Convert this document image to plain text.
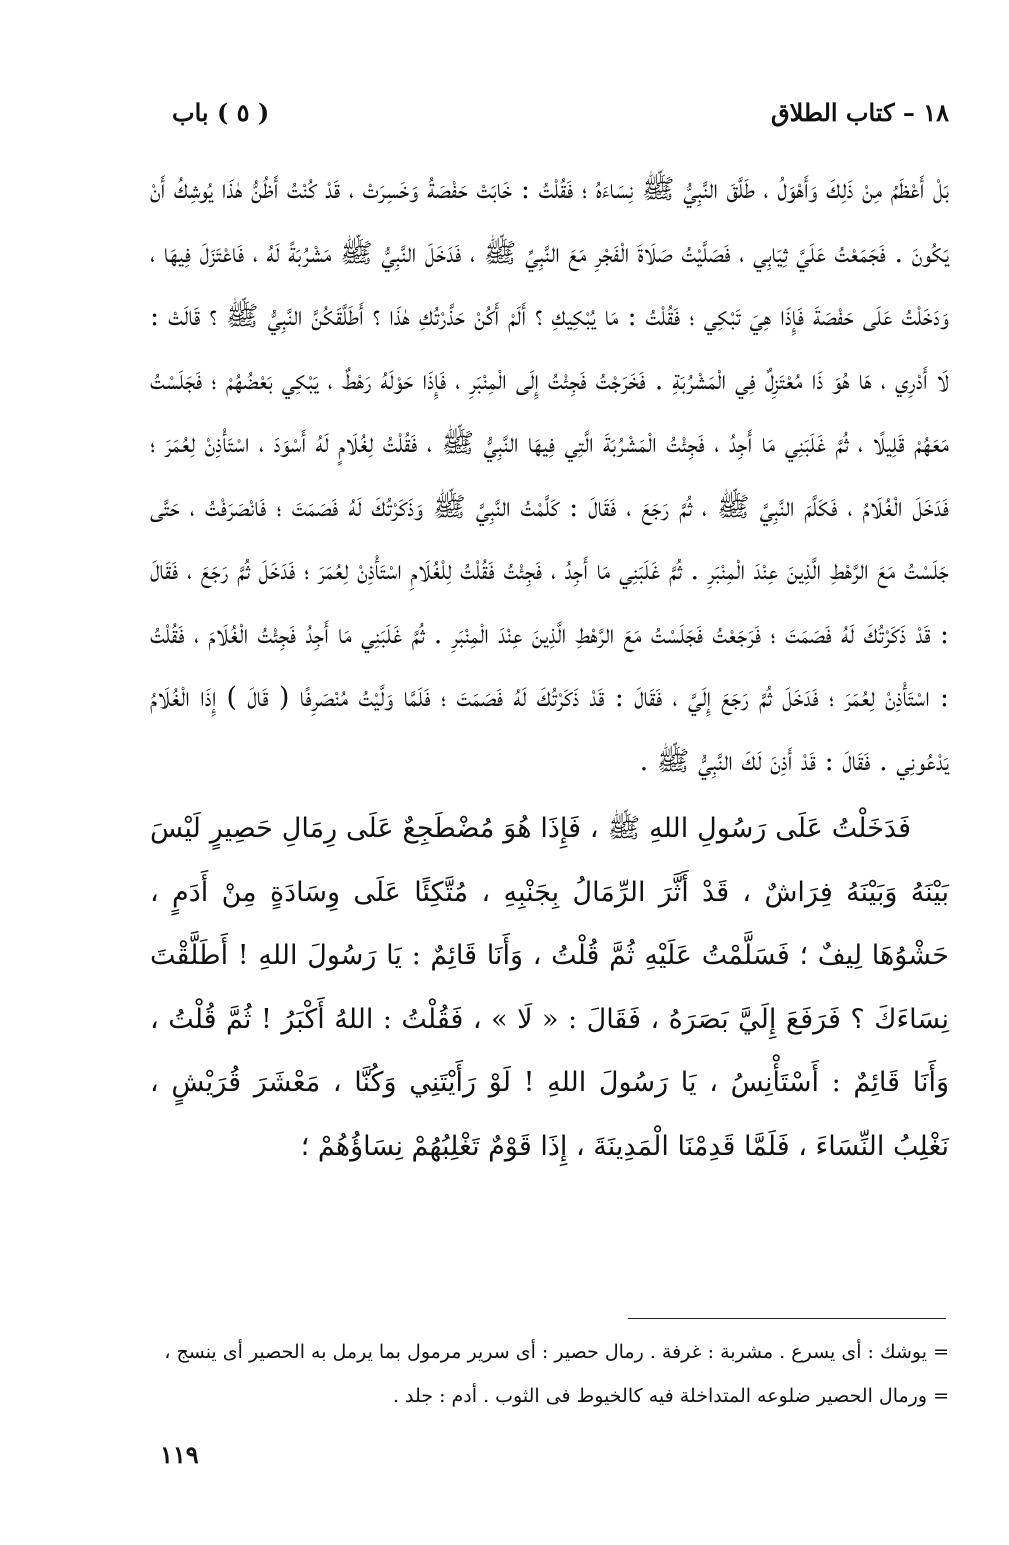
١٨ – كتاب الطلاق
( ٥ ) باب

بَلْ أَعْظَمُ مِنْ ذَلِكَ وَأَهْوَلُ ، طَلَّقَ النَّبِيُّ ﷺ نِسَاءَهُ ؛ فَقُلْتُ : خَابَتْ حَفْصَةُ وَخَسِرَتْ ، قَدْ كُنْتُ أَظُنُّ هٰذَا يُوشِكُ أَنْ يَكُونَ . فَجَمَعْتُ عَلَيَّ ثِيَابِي ، فَصَلَّيْتُ صَلَاةَ الْفَجْرِ مَعَ النَّبِيِّ ﷺ ، فَدَخَلَ النَّبِيُّ ﷺ مَشْرُبَةً لَهُ ، فَاعْتَزَلَ فِيهَا ، وَدَخَلْتُ عَلَى حَفْصَةَ فَإِذَا هِيَ تَبْكِي ؛ فَقُلْتُ : مَا يُبْكِيكِ ؟ أَلَمْ أَكُنْ حَذَّرْتُكِ هٰذَا ؟ أَطَلَّقَكُنَّ النَّبِيُّ ﷺ ؟ قَالَتْ : لَا أَدْرِي ، هَا هُوَ ذَا مُعْتَزِلٌ فِي الْمَشْرُبَةِ . فَخَرَجْتُ فَجِئْتُ إِلَى الْمِنْبَرِ ، فَإِذَا حَوْلَهُ رَهْطٌ ، يَبْكِي بَعْضُهُمْ ؛ فَجَلَسْتُ مَعَهُمْ قَلِيلًا ، ثُمَّ غَلَبَنِي مَا أَجِدُ ، فَجِئْتُ الْمَشْرُبَةَ الَّتِي فِيهَا النَّبِيُّ ﷺ ، فَقُلْتُ لِغُلَامٍ لَهُ أَسْوَدَ ، اسْتَأْذِنْ لِعُمَرَ ؛ فَدَخَلَ الْغُلَامُ ، فَكَلَّمَ النَّبِيَّ ﷺ ، ثُمَّ رَجَعَ ، فَقَالَ : كَلَّمْتُ النَّبِيَّ ﷺ وَذَكَرْتُكَ لَهُ فَصَمَتَ ؛ فَانْصَرَفْتُ ، حَتَّى جَلَسْتُ مَعَ الرَّهْطِ الَّذِينَ عِنْدَ الْمِنْبَرِ . ثُمَّ غَلَبَنِي مَا أَجِدُ ، فَجِئْتُ فَقُلْتُ لِلْغُلَامِ اسْتَأْذِنْ لِعُمَرَ ؛ فَدَخَلَ ثُمَّ رَجَعَ ، فَقَالَ : قَدْ ذَكَرْتُكَ لَهُ فَصَمَتَ ؛ فَرَجَعْتُ فَجَلَسْتُ مَعَ الرَّهْطِ الَّذِينَ عِنْدَ الْمِنْبَرِ . ثُمَّ غَلَبَنِي مَا أَجِدُ فَجِئْتُ الْغُلَامَ ، فَقُلْتُ : اسْتَأْذِنْ لِعُمَرَ ؛ فَدَخَلَ ثُمَّ رَجَعَ إِلَيَّ ، فَقَالَ : قَدْ ذَكَرْتُكَ لَهُ فَصَمَتَ ؛ فَلَمَّا وَلَّيْتُ مُنْصَرِفًا ( قَالَ ) إِذَا الْغُلَامُ يَدْعُونِي . فَقَالَ : قَدْ أَذِنَ لَكَ النَّبِيُّ ﷺ .

فَدَخَلْتُ عَلَى رَسُولِ اللهِ ﷺ ، فَإِذَا هُوَ مُضْطَجِعٌ عَلَى رِمَالِ حَصِيرٍ لَيْسَ بَيْنَهُ وَبَيْنَهُ فِرَاشٌ ، قَدْ أَثَّرَ الرِّمَالُ بِجَنْبِهِ ، مُتَّكِئًا عَلَى وِسَادَةٍ مِنْ أَدَمٍ ، حَشْوُهَا لِيفٌ ؛ فَسَلَّمْتُ عَلَيْهِ ثُمَّ قُلْتُ ، وَأَنَا قَائِمٌ : يَا رَسُولَ اللهِ ! أَطَلَّقْتَ نِسَاءَكَ ؟ فَرَفَعَ إِلَيَّ بَصَرَهُ ، فَقَالَ : « لَا » ، فَقُلْتُ : اللهُ أَكْبَرُ ! ثُمَّ قُلْتُ ، وَأَنَا قَائِمٌ : أَسْتَأْنِسُ ، يَا رَسُولَ اللهِ ! لَوْ رَأَيْتَنِي وَكُنَّا ، مَعْشَرَ قُرَيْشٍ ، نَغْلِبُ النِّسَاءَ ، فَلَمَّا قَدِمْنَا الْمَدِينَةَ ، إِذَا قَوْمٌ تَغْلِبُهُمْ نِسَاؤُهُمْ ؛

= يوشك : أى يسرع . مشربة : غرفة . رمال حصير : أى سرير مرمول بما يرمل به الحصير أى ينسج ،

= ورمال الحصير ضلوعه المتداخلة فيه كالخيوط فى الثوب . أدم : جلد .

١١٩
